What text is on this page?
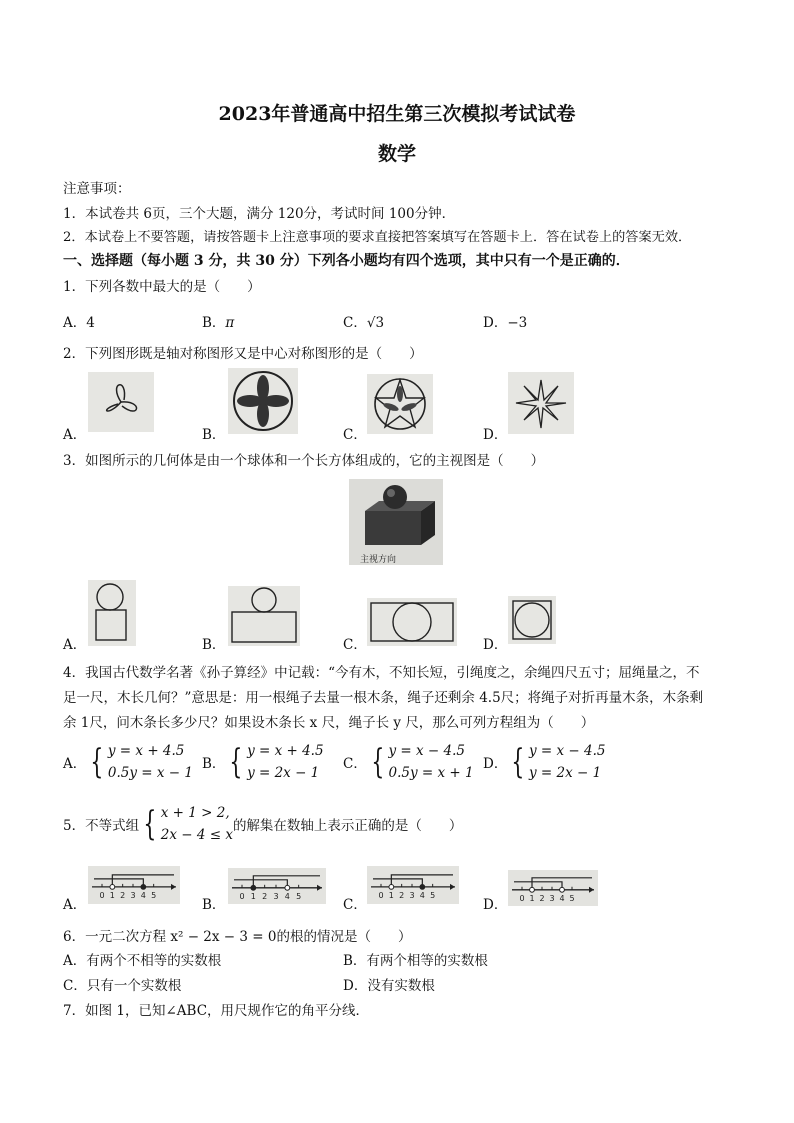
2023年普通高中招生第三次模拟考试试卷
数学
注意事项：
1．本试卷共 6页，三个大题，满分 120分，考试时间 100分钟．
2．本试卷上不要答题，请按答题卡上注意事项的要求直接把答案填写在答题卡上．答在试卷上的答案无效．
一、选择题（每小题 3 分，共 30 分）下列各小题均有四个选项，其中只有一个是正确的．
1．下列各数中最大的是（　　）
A．4	B．π	C．√3	D．−3
2．下列图形既是轴对称图形又是中心对称图形的是（　　）
A．	B．	C．	D．
3．如图所示的几何体是由一个球体和一个长方体组成的，它的主视图是（　　）
主视方向
A．	B．	C．	D．
4．我国古代数学名著《孙子算经》中记载：“今有木，不知长短，引绳度之，余绳四尺五寸；屈绳量之，不
足一尺，木长几何？”意思是：用一根绳子去量一根木条，绳子还剩余 4.5尺；将绳子对折再量木条，木条剩
余 1尺，问木条长多少尺？如果设木条长 x 尺，绳子长 y 尺，那么可列方程组为（　　）
A． { y = x + 4.5
0.5y = x − 1
B． { y = x + 4.5
y = 2x − 1
C． { y = x − 4.5
0.5y = x + 1
D． { y = x − 4.5
y = 2x − 1
5．不等式组 { x + 1 > 2,
2x − 4 ≤ x的解集在数轴上表示正确的是（　　）
A．
0 1 2 3 4 5
B．
0 1 2 3 4 5
C．
0 1 2 3 4 5
D． 0 1 2 3 4 5
6．一元二次方程 x² − 2x − 3 = 0的根的情况是（　　）
A．有两个不相等的实数根	B．有两个相等的实数根
C．只有一个实数根	D．没有实数根
7．如图 1，已知∠ABC，用尺规作它的角平分线．
